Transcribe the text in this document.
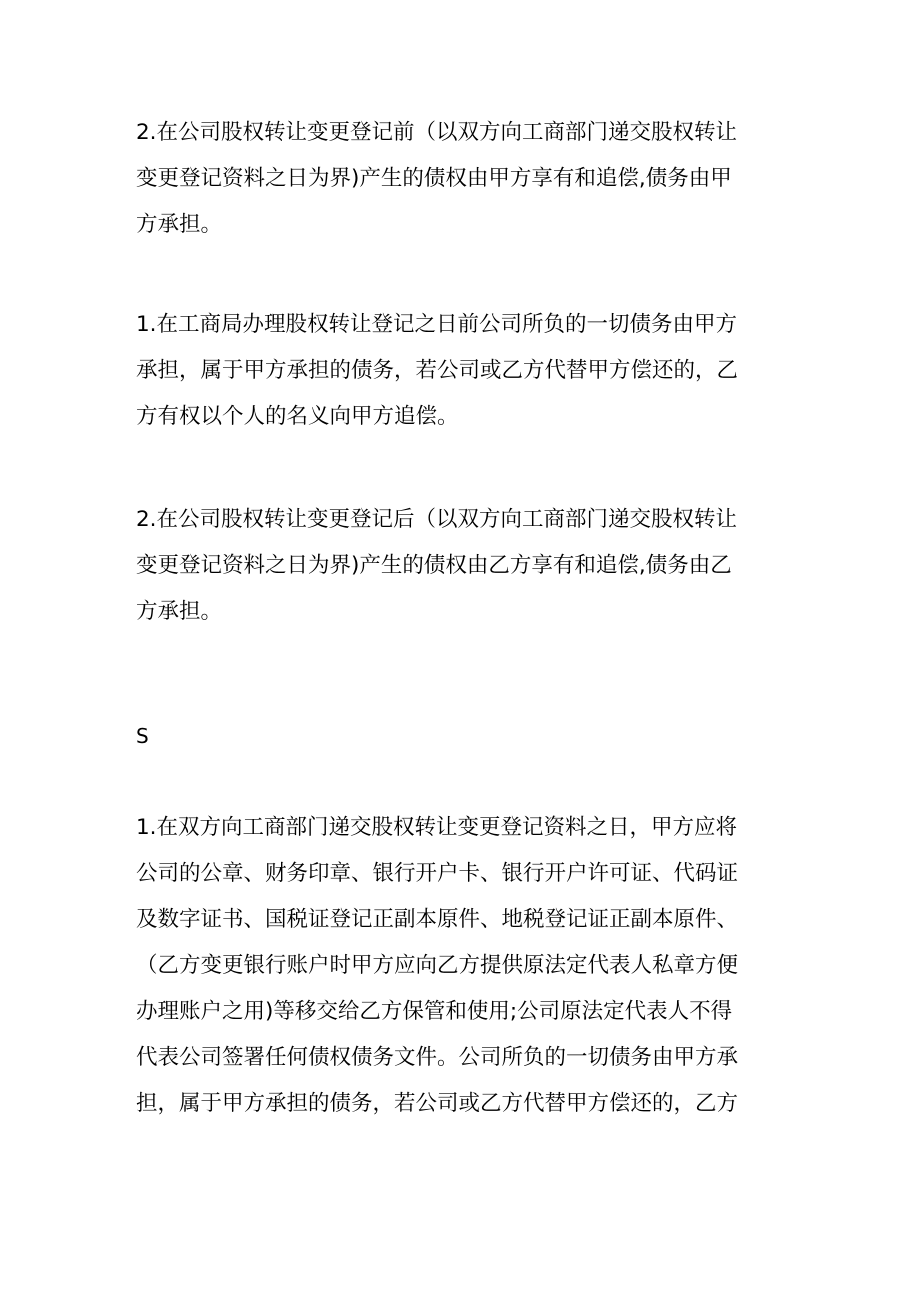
2.在公司股权转让变更登记前（以双方向工商部门递交股权转让
变更登记资料之日为界)产生的债权由甲方享有和追偿,债务由甲
方承担。

1.在工商局办理股权转让登记之日前公司所负的一切债务由甲方
承担，属于甲方承担的债务，若公司或乙方代替甲方偿还的，乙
方有权以个人的名义向甲方追偿。

2.在公司股权转让变更登记后（以双方向工商部门递交股权转让
变更登记资料之日为界)产生的债权由乙方享有和追偿,债务由乙
方承担。

S

1.在双方向工商部门递交股权转让变更登记资料之日，甲方应将
公司的公章、财务印章、银行开户卡、银行开户许可证、代码证
及数字证书、国税证登记正副本原件、地税登记证正副本原件、
（乙方变更银行账户时甲方应向乙方提供原法定代表人私章方便
办理账户之用)等移交给乙方保管和使用;公司原法定代表人不得
代表公司签署任何债权债务文件。公司所负的一切债务由甲方承
担，属于甲方承担的债务，若公司或乙方代替甲方偿还的，乙方
